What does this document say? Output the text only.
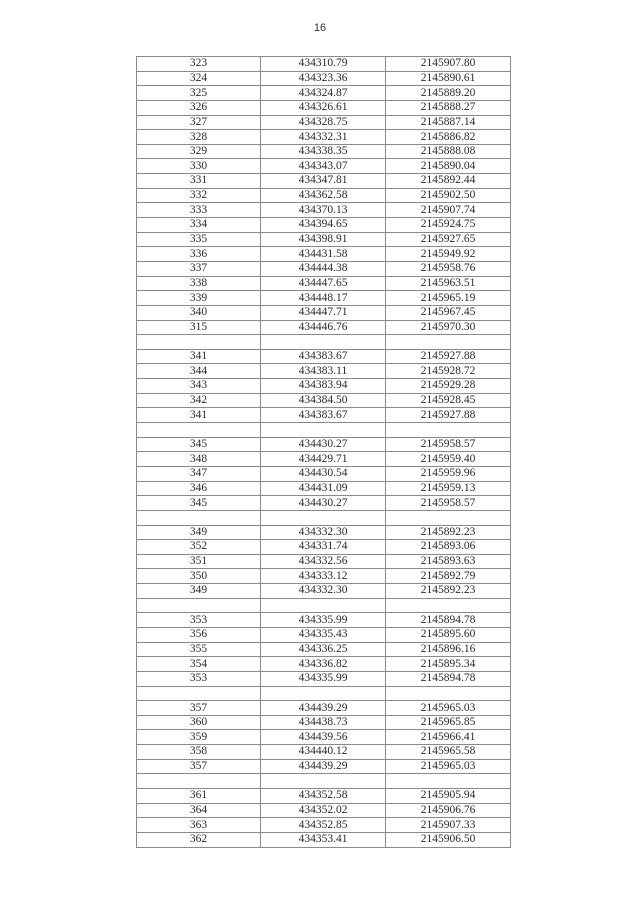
16
323	434310.79	2145907.80
324	434323.36	2145890.61
325	434324.87	2145889.20
326	434326.61	2145888.27
327	434328.75	2145887.14
328	434332.31	2145886.82
329	434338.35	2145888.08
330	434343.07	2145890.04
331	434347.81	2145892.44
332	434362.58	2145902.50
333	434370.13	2145907.74
334	434394.65	2145924.75
335	434398.91	2145927.65
336	434431.58	2145949.92
337	434444.38	2145958.76
338	434447.65	2145963.51
339	434448.17	2145965.19
340	434447.71	2145967.45
315	434446.76	2145970.30

341	434383.67	2145927.88
344	434383.11	2145928.72
343	434383.94	2145929.28
342	434384.50	2145928.45
341	434383.67	2145927.88

345	434430.27	2145958.57
348	434429.71	2145959.40
347	434430.54	2145959.96
346	434431.09	2145959.13
345	434430.27	2145958.57

349	434332.30	2145892.23
352	434331.74	2145893.06
351	434332.56	2145893.63
350	434333.12	2145892.79
349	434332.30	2145892.23

353	434335.99	2145894.78
356	434335.43	2145895.60
355	434336.25	2145896.16
354	434336.82	2145895.34
353	434335.99	2145894.78

357	434439.29	2145965.03
360	434438.73	2145965.85
359	434439.56	2145966.41
358	434440.12	2145965.58
357	434439.29	2145965.03

361	434352.58	2145905.94
364	434352.02	2145906.76
363	434352.85	2145907.33
362	434353.41	2145906.50
